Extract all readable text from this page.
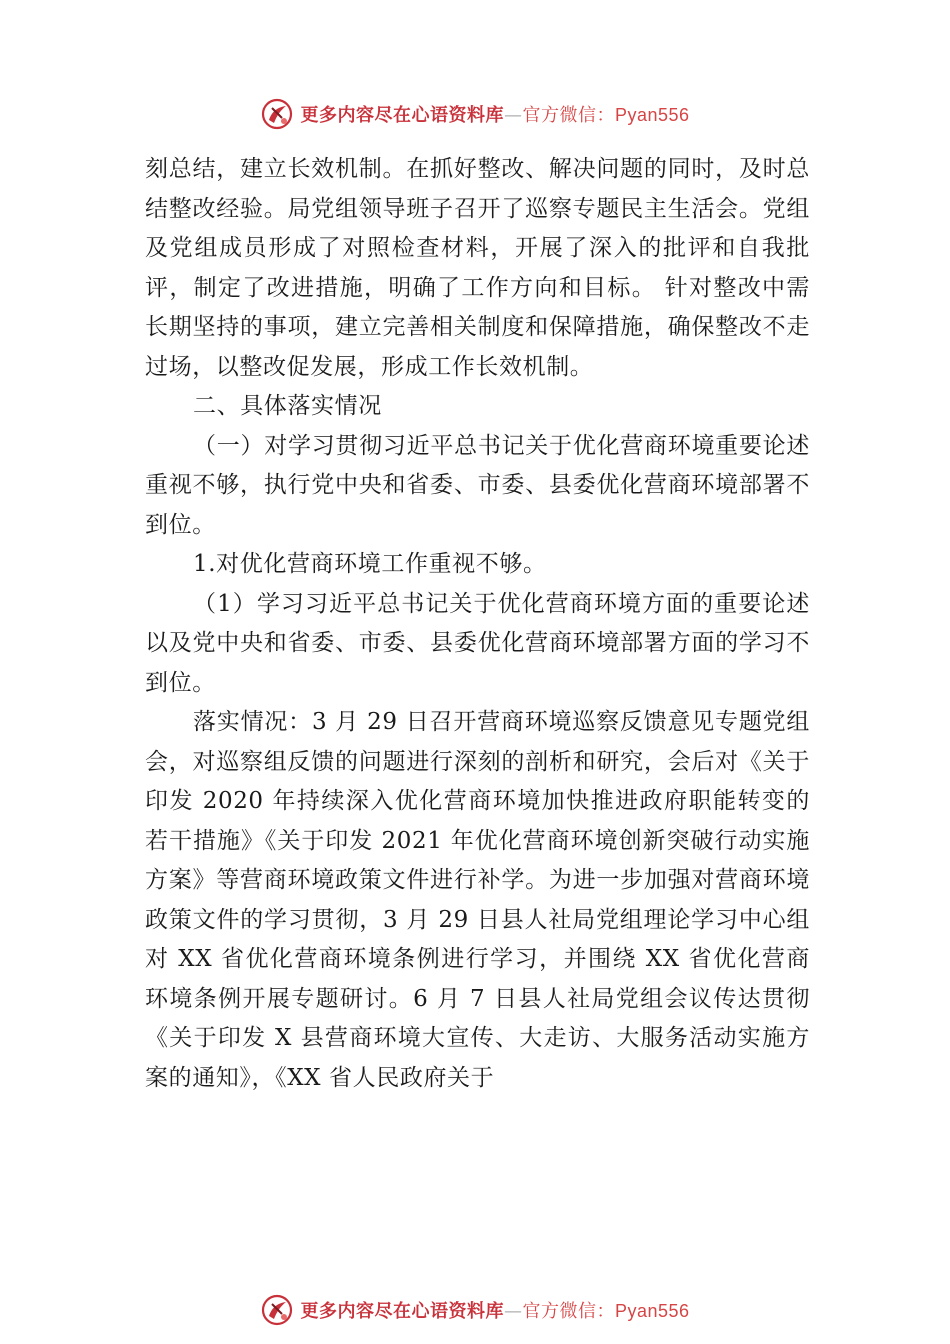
更多内容尽在心语资料库—官方微信：Pyan556

刻总结，建立长效机制。在抓好整改、解决问题的同时，及时总结整改经验。局党组领导班子召开了巡察专题民主生活会。党组及党组成员形成了对照检查材料，开展了深入的批评和自我批评，制定了改进措施，明确了工作方向和目标。 针对整改中需长期坚持的事项，建立完善相关制度和保障措施，确保整改不走过场，以整改促发展，形成工作长效机制。

二、具体落实情况

（一）对学习贯彻习近平总书记关于优化营商环境重要论述重视不够，执行党中央和省委、市委、县委优化营商环境部署不到位。

1.对优化营商环境工作重视不够。

（1）学习习近平总书记关于优化营商环境方面的重要论述以及党中央和省委、市委、县委优化营商环境部署方面的学习不到位。

落实情况：3 月 29 日召开营商环境巡察反馈意见专题党组会，对巡察组反馈的问题进行深刻的剖析和研究，会后对《关于印发 2020 年持续深入优化营商环境加快推进政府职能转变的若干措施》《关于印发 2021 年优化营商环境创新突破行动实施方案》等营商环境政策文件进行补学。为进一步加强对营商环境政策文件的学习贯彻，3 月 29 日县人社局党组理论学习中心组对 XX 省优化营商环境条例进行学习，并围绕 XX 省优化营商环境条例开展专题研讨。6 月 7 日县人社局党组会议传达贯彻《关于印发 X 县营商环境大宣传、大走访、大服务活动实施方案的通知》，《XX 省人民政府关于

更多内容尽在心语资料库—官方微信：Pyan556
